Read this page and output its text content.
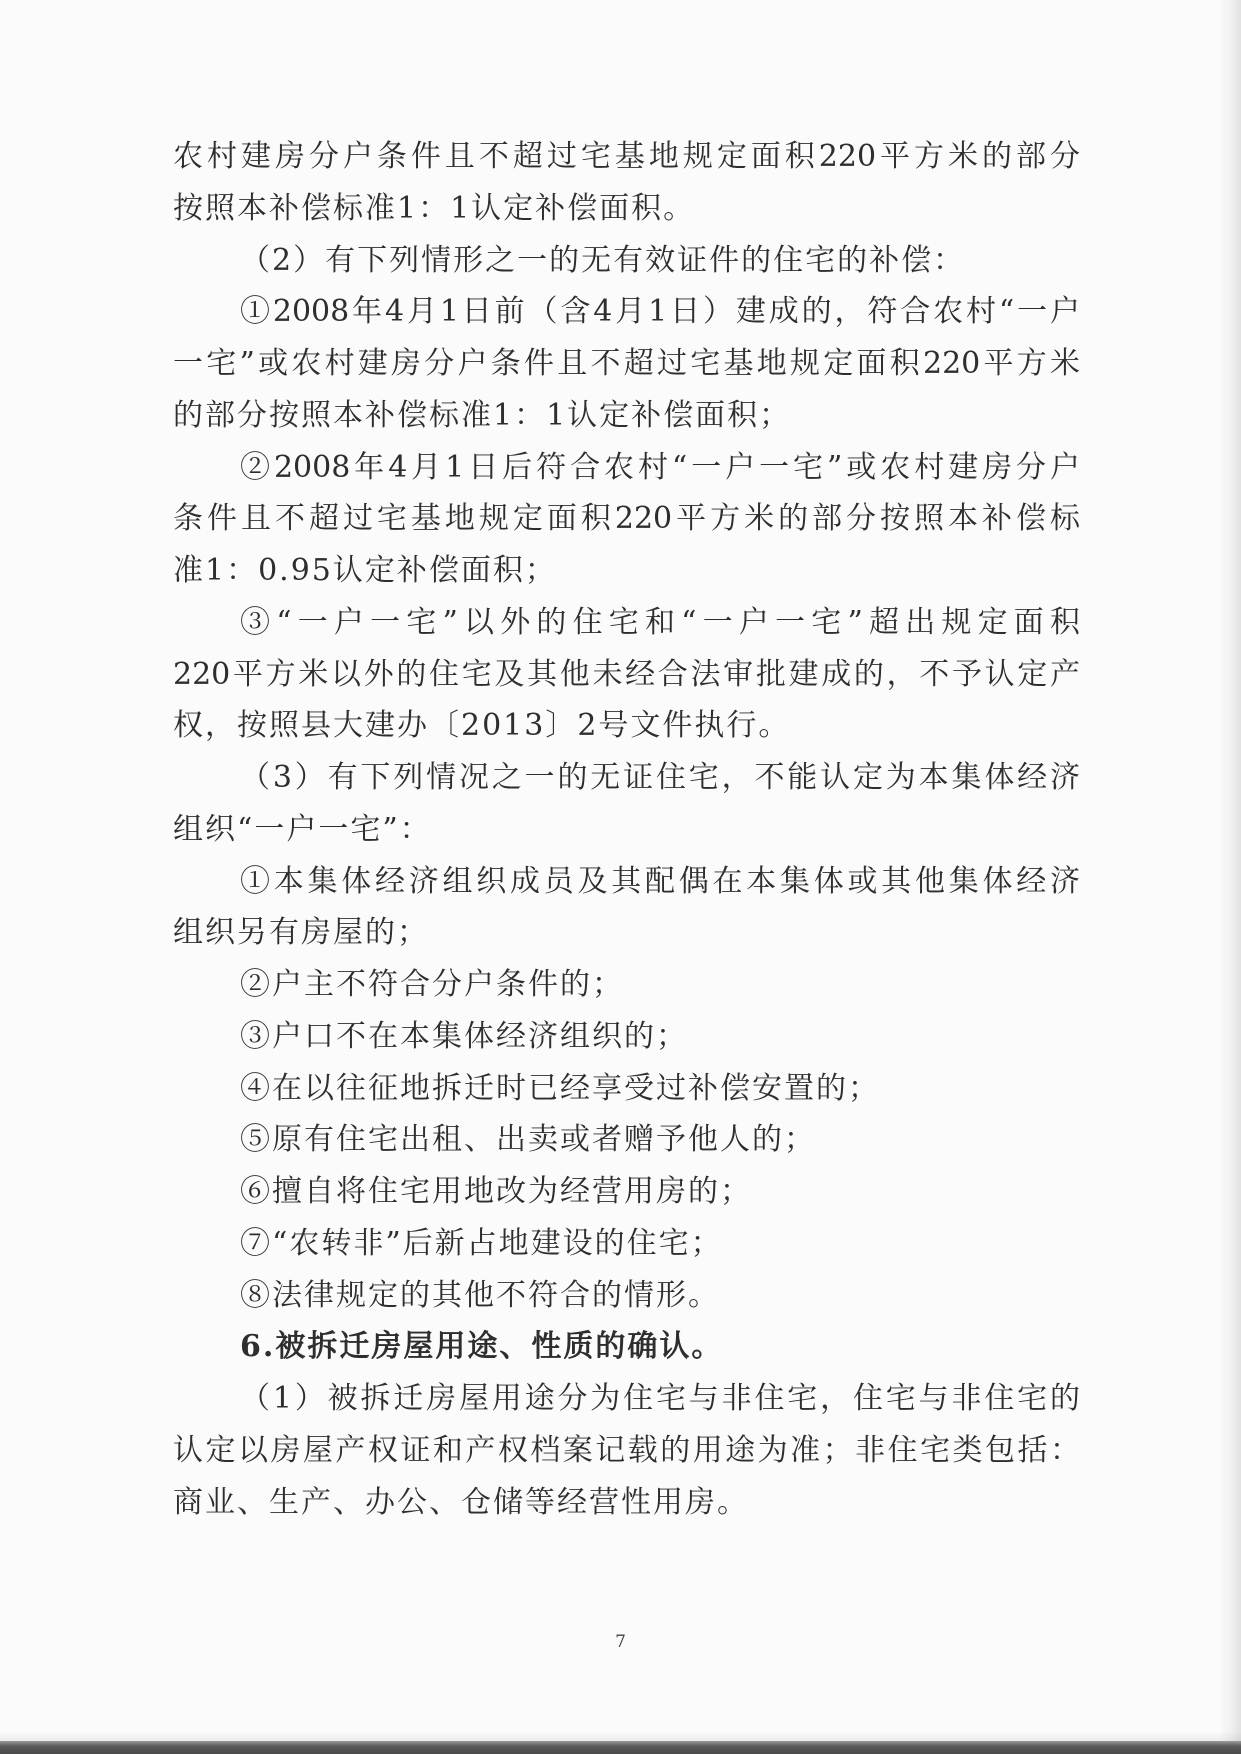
农村建房分户条件且不超过宅基地规定面积220平方米的部分
按照本补偿标准1：1认定补偿面积。
（2）有下列情形之一的无有效证件的住宅的补偿：
①2008年4月1日前（含4月1日）建成的，符合农村“一户
一宅”或农村建房分户条件且不超过宅基地规定面积220平方米
的部分按照本补偿标准1：1认定补偿面积；
②2008年4月1日后符合农村“一户一宅”或农村建房分户
条件且不超过宅基地规定面积220平方米的部分按照本补偿标
准1：0.95认定补偿面积；
③“一户一宅”以外的住宅和“一户一宅”超出规定面积
220平方米以外的住宅及其他未经合法审批建成的，不予认定产
权，按照县大建办〔2013〕2号文件执行。
（3）有下列情况之一的无证住宅，不能认定为本集体经济
组织“一户一宅”：
①本集体经济组织成员及其配偶在本集体或其他集体经济
组织另有房屋的；
②户主不符合分户条件的；
③户口不在本集体经济组织的；
④在以往征地拆迁时已经享受过补偿安置的；
⑤原有住宅出租、出卖或者赠予他人的；
⑥擅自将住宅用地改为经营用房的；
⑦“农转非”后新占地建设的住宅；
⑧法律规定的其他不符合的情形。
6.被拆迁房屋用途、性质的确认。
（1）被拆迁房屋用途分为住宅与非住宅，住宅与非住宅的
认定以房屋产权证和产权档案记载的用途为准；非住宅类包括：
商业、生产、办公、仓储等经营性用房。
7
